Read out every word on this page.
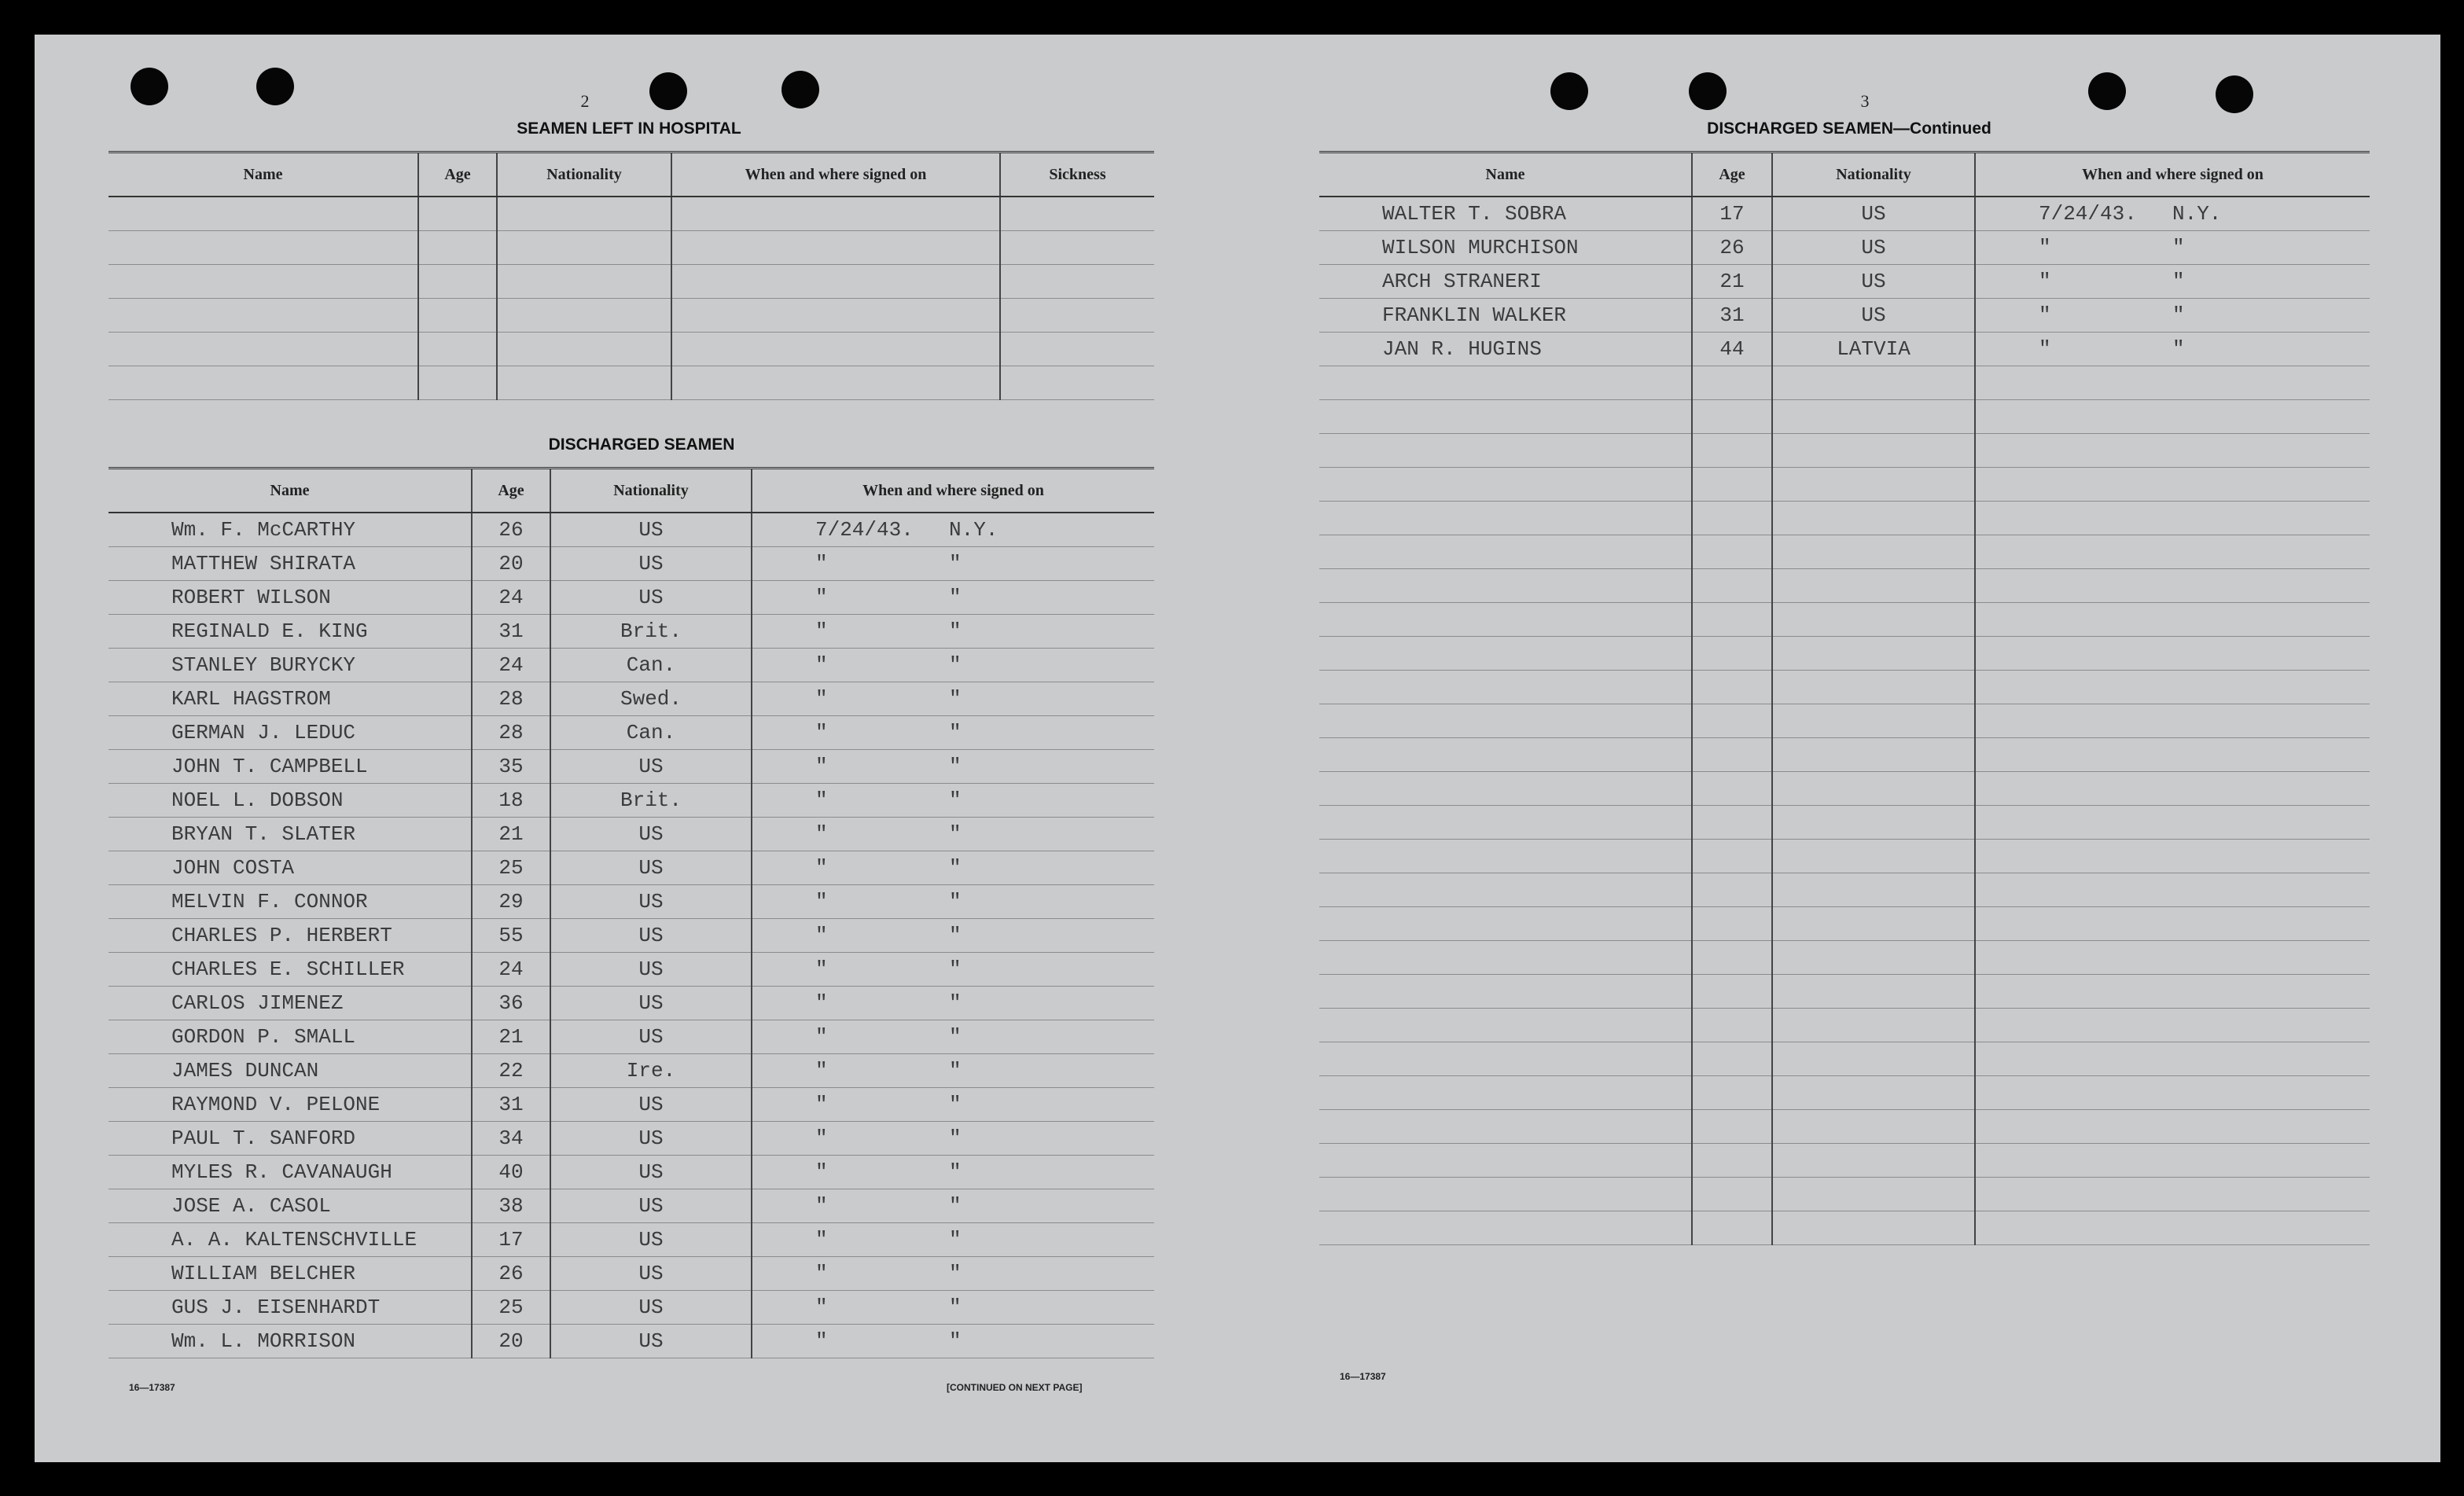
2
SEAMEN LEFT IN HOSPITAL
Name	Age	Nationality	When and where signed on	Sickness

DISCHARGED SEAMEN
Name	Age	Nationality	When and where signed on
Wm. F. McCARTHY	26	US	7/24/43. N.Y.
MATTHEW SHIRATA	20	US	" "
ROBERT WILSON	24	US	" "
REGINALD E. KING	31	Brit.	" "
STANLEY BURYCKY	24	Can.	" "
KARL HAGSTROM	28	Swed.	" "
GERMAN J. LEDUC	28	Can.	" "
JOHN T. CAMPBELL	35	US	" "
NOEL L. DOBSON	18	Brit.	" "
BRYAN T. SLATER	21	US	" "
JOHN COSTA	25	US	" "
MELVIN F. CONNOR	29	US	" "
CHARLES P. HERBERT	55	US	" "
CHARLES E. SCHILLER	24	US	" "
CARLOS JIMENEZ	36	US	" "
GORDON P. SMALL	21	US	" "
JAMES DUNCAN	22	Ire.	" "
RAYMOND V. PELONE	31	US	" "
PAUL T. SANFORD	34	US	" "
MYLES R. CAVANAUGH	40	US	" "
JOSE A. CASOL	38	US	" "
A. A. KALTENSCHVILLE	17	US	" "
WILLIAM BELCHER	26	US	" "
GUS J. EISENHARDT	25	US	" "
Wm. L. MORRISON	20	US	" "
16—17387	[CONTINUED ON NEXT PAGE]
3
DISCHARGED SEAMEN—Continued
Name	Age	Nationality	When and where signed on
WALTER T. SOBRA	17	US	7/24/43. N.Y.
WILSON MURCHISON	26	US	" "
ARCH STRANERI	21	US	" "
FRANKLIN WALKER	31	US	" "
JAN R. HUGINS	44	LATVIA	" "

16—17387
